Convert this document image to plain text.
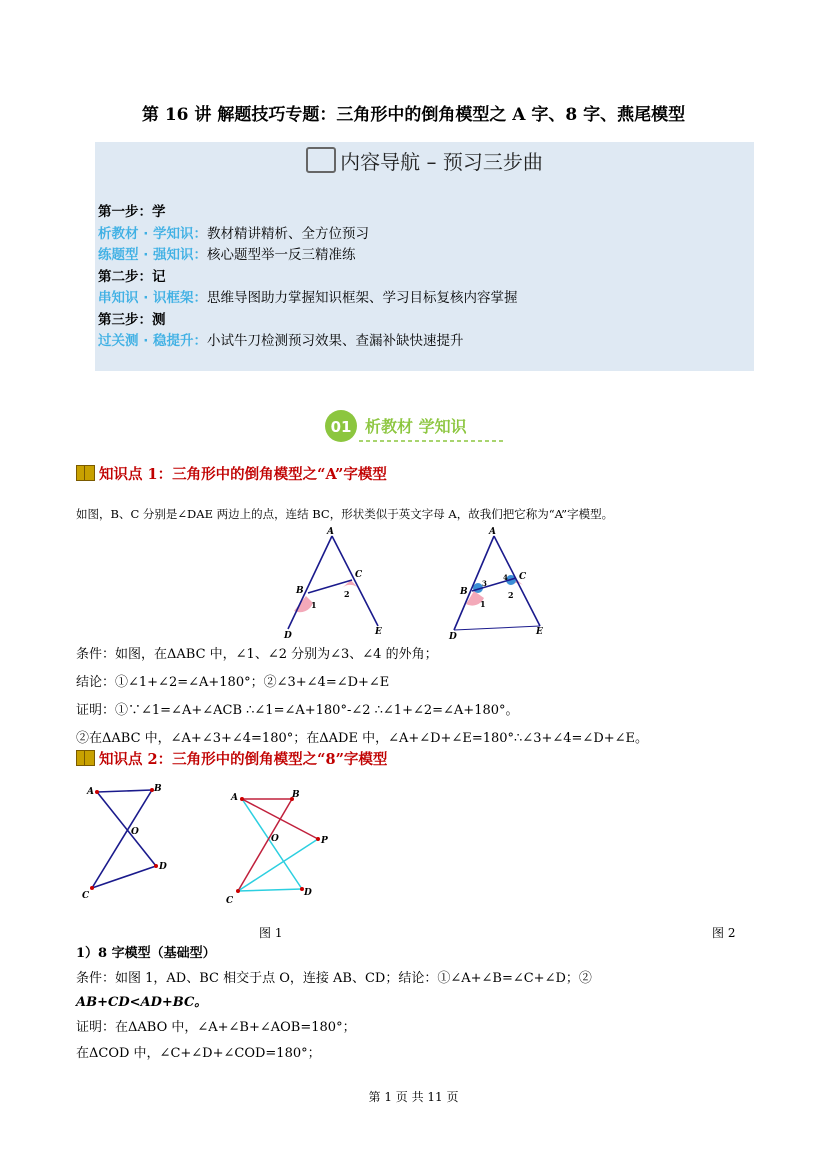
第 16 讲 解题技巧专题：三角形中的倒角模型之 A 字、8 字、燕尾模型
内容导航 – 预习三步曲
第一步：学
析教材 · 学知识：教材精讲精析、全方位预习
练题型 · 强知识：核心题型举一反三精准练
第二步：记
串知识 · 识框架：思维导图助力掌握知识框架、学习目标复核内容掌握
第三步：测
过关测 · 稳提升：小试牛刀检测预习效果、查漏补缺快速提升
01 析教材 学知识
知识点 1：三角形中的倒角模型之“A”字模型
如图，B、C 分别是∠DAE 两边上的点，连结 BC，形状类似于英文字母 A，故我们把它称为“A”字模型。
A
B
C
D	E
1
2
A
B
C
D	E
1
2
3
4
条件：如图，在ΔABC 中，∠1、∠2 分别为∠3、∠4 的外角；
结论：①∠1+∠2=∠A+180°；②∠3+∠4=∠D+∠E
证明：①∵∠1=∠A+∠ACB ∴∠1=∠A+180°-∠2 ∴∠1+∠2=∠A+180°。
②在ΔABC 中，∠A+∠3+∠4=180°；在ΔADE 中，∠A+∠D+∠E=180°∴∠3+∠4=∠D+∠E。
知识点 2：三角形中的倒角模型之“8”字模型
A	B
O
C
D
A	B
O	P
C
D
图 1	图 2
1）8 字模型（基础型）
条件：如图 1，AD、BC 相交于点 O，连接 AB、CD；结论：①∠A+∠B=∠C+∠D；②
AB+CD<AD+BC。
证明：在ΔABO 中，∠A+∠B+∠AOB=180°；
在ΔCOD 中，∠C+∠D+∠COD=180°；
第 1 页 共 11 页
